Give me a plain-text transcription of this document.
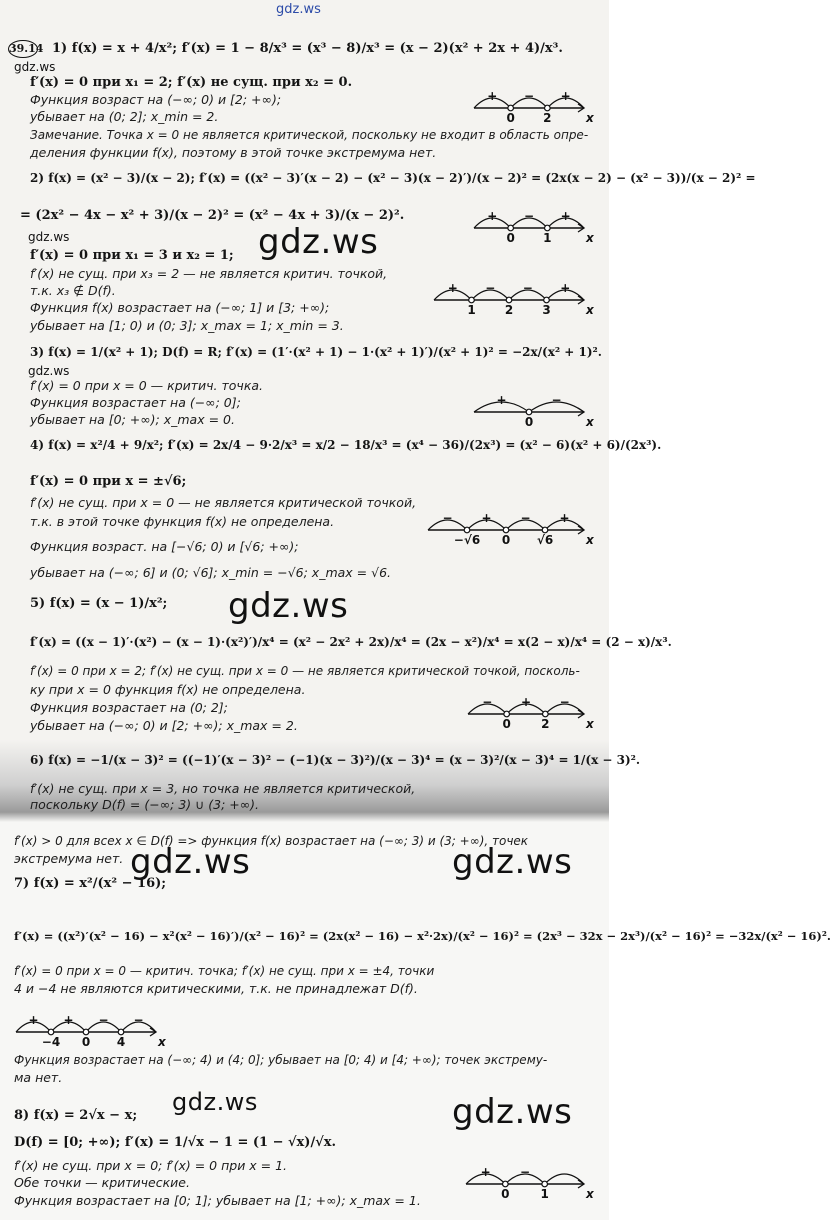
gdz.ws
39.14 1) f(x) = x + 4/x²; f′(x) = 1 − 8/x³ = (x³ − 8)/x³ = (x − 2)(x² + 2x + 4)/x³.
gdz.ws
f′(x) = 0 при x₁ = 2; f′(x) не сущ. при x₂ = 0.
Функция возраст на (−∞; 0) и [2; +∞);
убывает на (0; 2]; x_min = 2.
Замечание. Точка x = 0 не является критической, поскольку не входит в область опре-
деления функции f(x), поэтому в этой точке экстремума нет.
2) f(x) = (x² − 3)/(x − 2); f′(x) = ((x² − 3)′(x − 2) − (x² − 3)(x − 2)′)/(x − 2)² = (2x(x − 2) − (x² − 3))/(x − 2)² =
= (2x² − 4x − x² + 3)/(x − 2)² = (x² − 4x + 3)/(x − 2)².
gdz.ws	gdz.ws
f′(x) = 0 при x₁ = 3 и x₂ = 1;
f′(x) не сущ. при x₃ = 2 — не является критич. точкой,
т.к. x₃ ∉ D(f).
Функция f(x) возрастает на (−∞; 1] и [3; +∞);
убывает на [1; 0) и (0; 3]; x_max = 1; x_min = 3.
3) f(x) = 1/(x² + 1); D(f) = R; f′(x) = (1′·(x² + 1) − 1·(x² + 1)′)/(x² + 1)² = −2x/(x² + 1)².
gdz.ws
f′(x) = 0 при x = 0 — критич. точка.
Функция возрастает на (−∞; 0];
убывает на [0; +∞); x_max = 0.
4) f(x) = x²/4 + 9/x²; f′(x) = 2x/4 − 9·2/x³ = x/2 − 18/x³ = (x⁴ − 36)/(2x³) = (x² − 6)(x² + 6)/(2x³).
f′(x) = 0 при x = ±√6;
f′(x) не сущ. при x = 0 — не является критической точкой,
т.к. в этой точке функция f(x) не определена.
Функция возраст. на [−√6; 0) и [√6; +∞);
убывает на (−∞; 6] и (0; √6]; x_min = −√6; x_max = √6.
gdz.ws
5) f(x) = (x − 1)/x²;
f′(x) = ((x − 1)′·(x²) − (x − 1)·(x²)′)/x⁴ = (x² − 2x² + 2x)/x⁴ = (2x − x²)/x⁴ = x(2 − x)/x⁴ = (2 − x)/x³.
f′(x) = 0 при x = 2; f′(x) не сущ. при x = 0 — не является критической точкой, посколь-
ку при x = 0 функция f(x) не определена.
Функция возрастает на (0; 2];
убывает на (−∞; 0) и [2; +∞); x_max = 2.
6) f(x) = −1/(x − 3)² = ((−1)′(x − 3)² − (−1)(x − 3)²)/(x − 3)⁴ = (x − 3)²/(x − 3)⁴ = 1/(x − 3)².
f′(x) не сущ. при x = 3, но точка не является критической,
поскольку D(f) = (−∞; 3) ∪ (3; +∞).
f′(x) > 0 для всех x ∈ D(f) => функция f(x) возрастает на (−∞; 3) и (3; +∞), точек
экстремума нет. gdz.ws	gdz.ws
7) f(x) = x²/(x² − 16);
f′(x) = ((x²)′(x² − 16) − x²(x² − 16)′)/(x² − 16)² = (2x(x² − 16) − x²·2x)/(x² − 16)² = (2x³ − 32x − 2x³)/(x² − 16)² = −32x/(x² − 16)².
f′(x) = 0 при x = 0 — критич. точка; f′(x) не сущ. при x = ±4, точки
4 и −4 не являются критическими, т.к. не принадлежат D(f).
Функция возрастает на (−∞; 4) и (4; 0]; убывает на [0; 4) и [4; +∞); точек экстрему-
ма нет.
gdz.ws	gdz.ws
8) f(x) = 2√x − x;
D(f) = [0; +∞); f′(x) = 1/√x − 1 = (1 − √x)/√x.
f′(x) не сущ. при x = 0; f′(x) = 0 при x = 1.
Обе точки — критические.
Функция возрастает на [0; 1]; убывает на [1; +∞); x_max = 1.
+ − +
0 2	x
+ − +
0 1	x
+ − − +
1 2 3	x
+	−
0	x
− + − +
−√6 0 √6	x
− + −
0	2	x
+ + − −
−4 0 4	x
+ −
0	1	x
